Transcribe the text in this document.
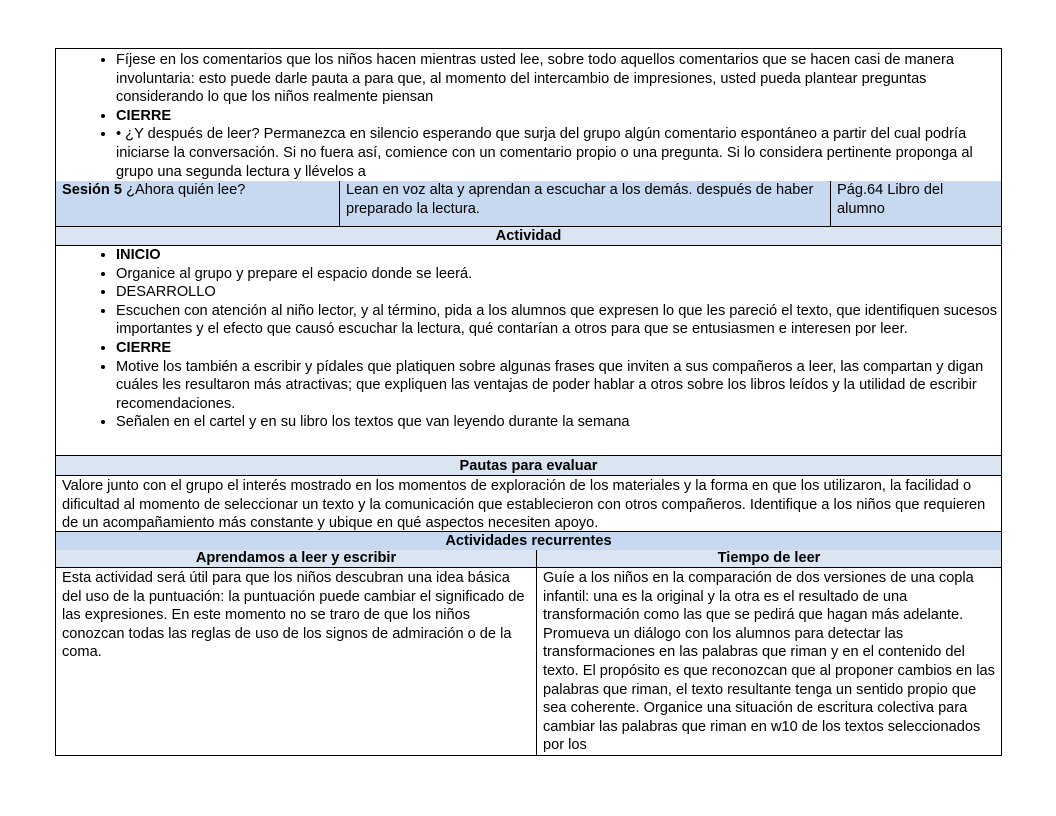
• Fíjese en los comentarios que los niños hacen mientras usted lee, sobre todo aquellos comentarios que se hacen casi de manera involuntaria: esto puede darle pauta a para que, al momento del intercambio de impresiones, usted pueda plantear preguntas considerando lo que los niños realmente piensan
• CIERRE
• • ¿Y después de leer? Permanezca en silencio esperando que surja del grupo algún comentario espontáneo a partir del cual podría iniciarse la conversación. Si no fuera así, comience con un comentario propio o una pregunta. Si lo considera pertinente proponga al grupo una segunda lectura y llévelos a
Sesión 5 ¿Ahora quién lee?	Lean en voz alta y aprendan a escuchar a los demás. después de haber preparado la lectura.
Pág.64 Libro del alumno
Actividad
• INICIO
• Organice al grupo y prepare el espacio donde se leerá.
• DESARROLLO
• Escuchen con atención al niño lector, y al término, pida a los alumnos que expresen lo que les pareció el texto, que identifiquen sucesos importantes y el efecto que causó escuchar la lectura, qué contarían a otros para que se entusiasmen e interesen por leer.
• CIERRE
• Motive los también a escribir y pídales que platiquen sobre algunas frases que inviten a sus compañeros a leer, las compartan y digan cuáles les resultaron más atractivas; que expliquen las ventajas de poder hablar a otros sobre los libros leídos y la utilidad de escribir recomendaciones.
• Señalen en el cartel y en su libro los textos que van leyendo durante la semana
Pautas para evaluar

Valore junto con el grupo el interés mostrado en los momentos de exploración de los materiales y la forma en que los utilizaron, la facilidad o dificultad al momento de seleccionar un texto y la comunicación que establecieron con otros compañeros. Identifique a los niños que requieren de un acompañamiento más constante y ubique en qué aspectos necesiten apoyo.

Actividades recurrentes
Aprendamos a leer y escribir

Esta actividad será útil para que los niños descubran una idea básica del uso de la puntuación: la puntuación puede cambiar el significado de las expresiones. En este momento no se traro de que los niños conozcan todas las reglas de uso de los signos de admiración o de la coma.

Tiempo de leer

Guíe a los niños en la comparación de dos versiones de una copla infantil: una es la original y la otra es el resultado de una transformación como las que se pedirá que hagan más adelante. Promueva un diálogo con los alumnos para detectar las transformaciones en las palabras que riman y en el contenido del texto. El propósito es que reconozcan que al proponer cambios en las palabras que riman, el texto resultante tenga un sentido propio que sea coherente. Organice una situación de escritura colectiva para cambiar las palabras que riman en w10 de los textos seleccionados por los
